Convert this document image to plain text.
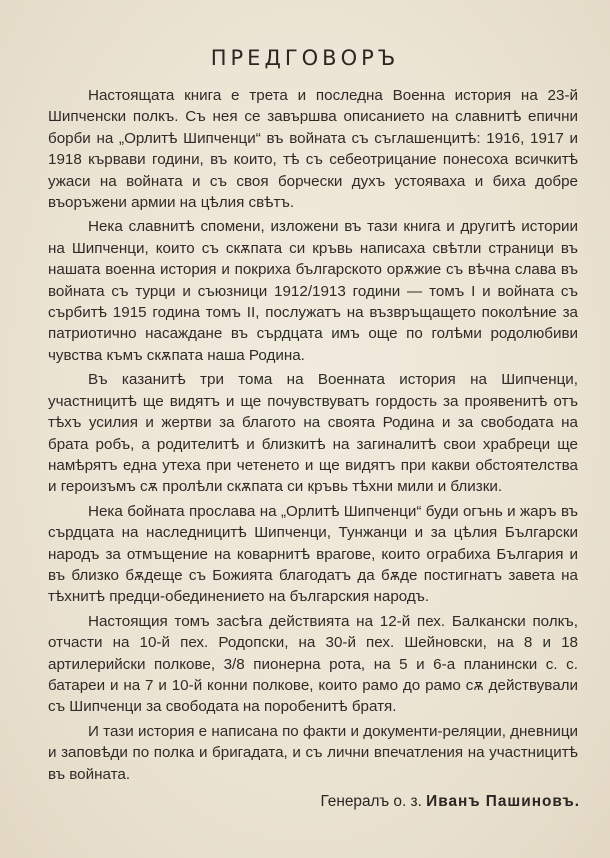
ПРЕДГОВОРЪ

Настоящата книга е трета и последна Военна история на 23-й Шипченски полкъ. Съ нея се завършва описанието на славнитѣ епични борби на „Орлитѣ Шипченци“ въ войната съ съглашенцитѣ: 1916, 1917 и 1918 кървави години, въ които, тѣ съ себеотрицание понесоха всичкитѣ ужаси на войната и съ своя борчески духъ устояваха и биха добре въоръжени армии на цѣлия свѣтъ.

Нека славнитѣ спомени, изложени въ тази книга и другитѣ истории на Шипченци, които съ скѫпата си кръвь написаха свѣтли страници въ нашата военна история и покриха българското орѫжие съ вѣчна слава въ войната съ турци и съюзници 1912/1913 години — томъ I и войната съ сърбитѣ 1915 година томъ II, послужатъ на възвръщащето поколѣние за патриотично насаждане въ сърдцата имъ още по голѣми родолюбиви чувства къмъ скѫпата наша Родина.

Въ казанитѣ три тома на Военната история на Шипченци, участницитѣ ще видятъ и ще почувствуватъ гордость за проявенитѣ отъ тѣхъ усилия и жертви за благото на своята Родина и за свободата на брата робъ, а родителитѣ и близкитѣ на загиналитѣ свои храбреци ще намѣрятъ една утеха при четенето и ще видятъ при какви обстоятелства и героизъмъ сѫ пролѣли скѫпата си кръвь тѣхни мили и близки.

Нека бойната прослава на „Орлитѣ Шипченци“ буди огънь и жаръ въ сърдцата на наследницитѣ Шипченци, Тунжанци и за цѣлия Български народъ за отмъщение на коварнитѣ врагове, които ограбиха България и въ близко бѫдеще съ Божията благодатъ да бѫде постигнатъ завета на тѣхнитѣ предци-обединението на българския народъ.

Настоящия томъ засѣга действията на 12-й пех. Балкански полкъ, отчасти на 10-й пех. Родопски, на 30-й пех. Шейновски, на 8 и 18 артилерийски полкове, 3/8 пионерна рота, на 5 и 6-а планински с. с. батареи и на 7 и 10-й конни полкове, които рамо до рамо сѫ действували съ Шипченци за свободата на поробенитѣ братя.

И тази история е написана по факти и документи-реляции, дневници и заповѣди по полка и бригадата, и съ лични впечатления на участницитѣ въ войната.

Генералъ о. з. Иванъ Пашиновъ.
